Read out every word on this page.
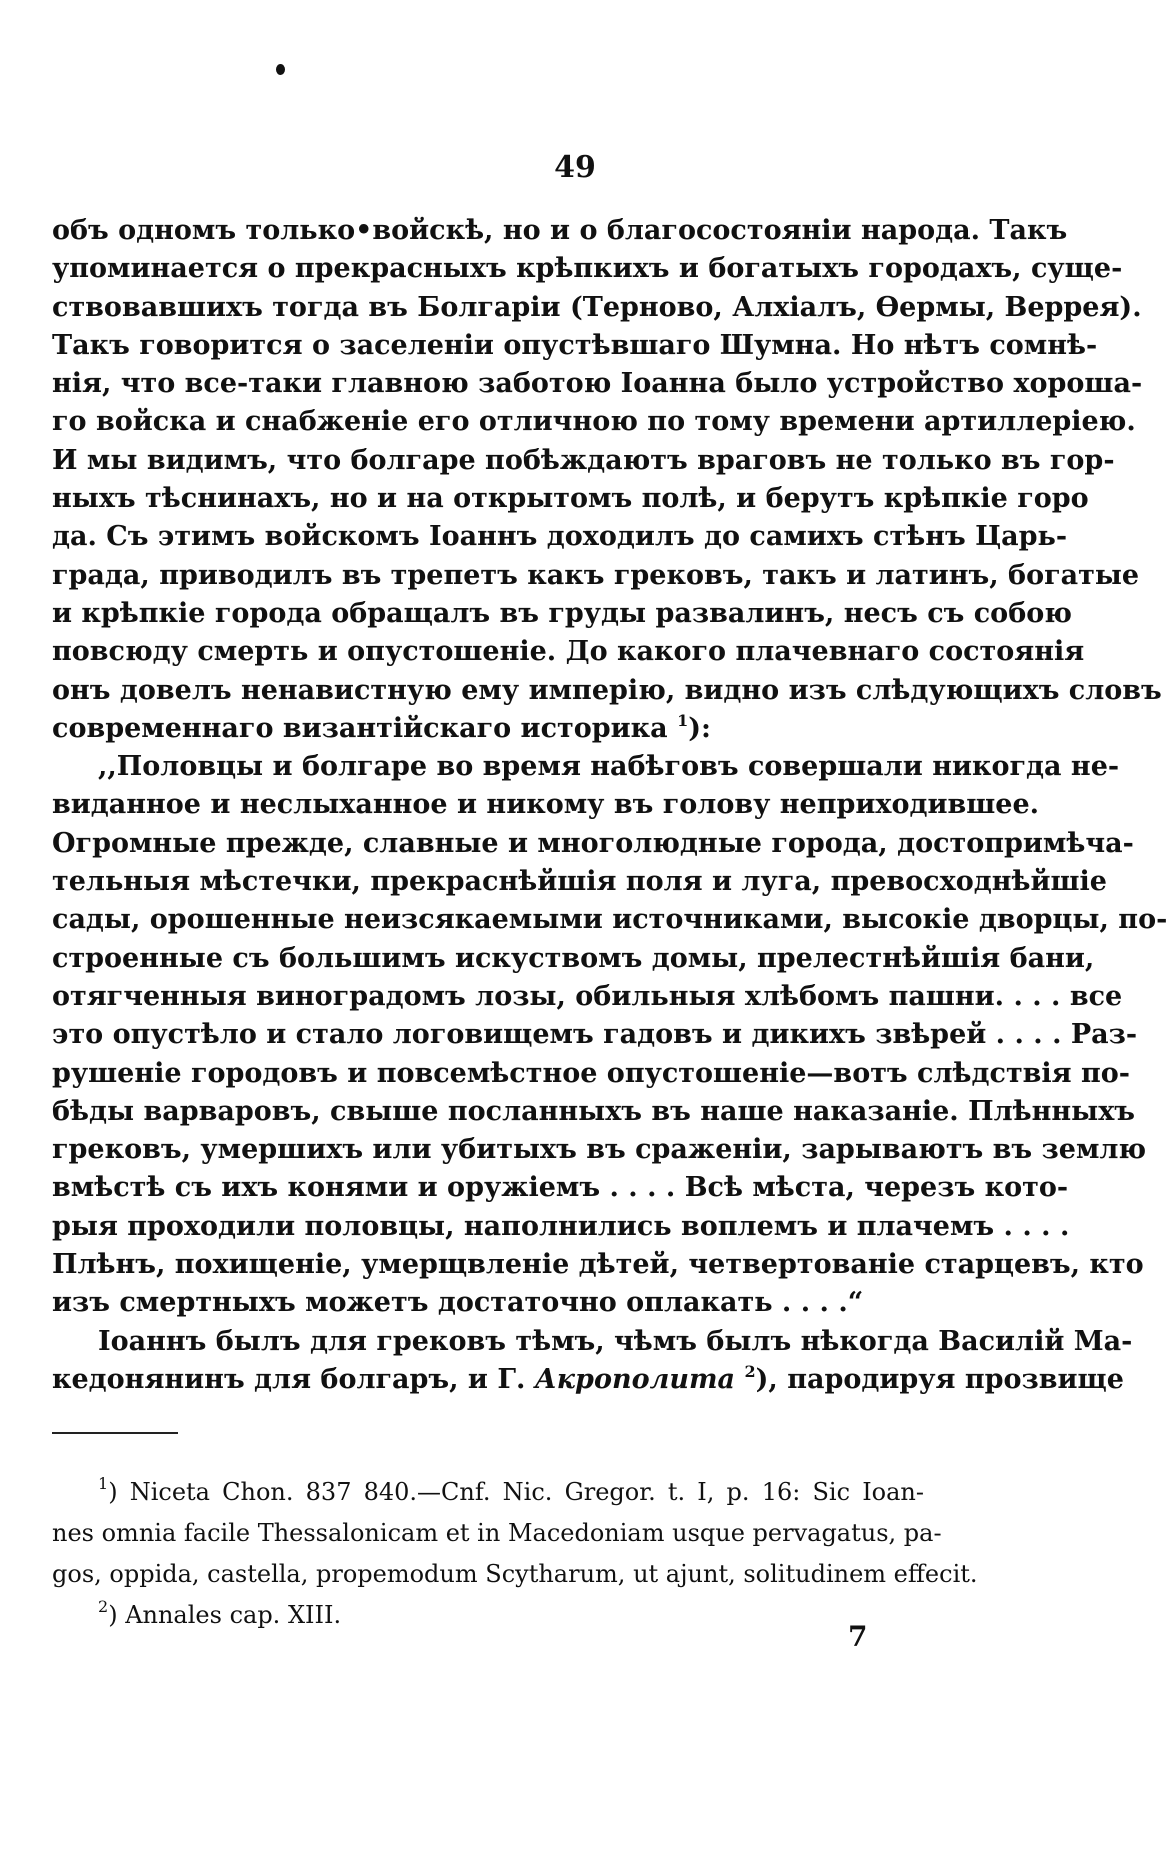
49
объ одномъ только•войскѣ, но и о благосостояніи народа. Такъ
упоминается о прекрасныхъ крѣпкихъ и богатыхъ городахъ, суще-
ствовавшихъ тогда въ Болгаріи (Терново, Алхіалъ, Ѳермы, Веррея).
Такъ говорится о заселеніи опустѣвшаго Шумна. Но нѣтъ сомнѣ-
нія, что все-таки главною заботою Іоанна было устройство хороша-
го войска и снабженіе его отличною по тому времени артиллеріею.
И мы видимъ, что болгаре побѣждаютъ враговъ не только въ гор-
ныхъ тѣснинахъ, но и на открытомъ полѣ, и берутъ крѣпкіе горо
да. Съ этимъ войскомъ Іоаннъ доходилъ до самихъ стѣнъ Царь-
града, приводилъ въ трепетъ какъ грековъ, такъ и латинъ, богатые
и крѣпкіе города обращалъ въ груды развалинъ, несъ съ собою
повсюду смерть и опустошеніе. До какого плачевнаго состоянія
онъ довелъ ненавистную ему имперію, видно изъ слѣдующихъ словъ
современнаго византійскаго историка $^1$):
,,Половцы и болгаре во время набѣговъ совершали никогда не-
виданное и неслыханное и никому въ голову неприходившее.
Огромные прежде, славные и многолюдные города, достопримѣча-
тельныя мѣстечки, прекраснѣйшія поля и луга, превосходнѣйшіе
сады, орошенные неизсякаемыми источниками, высокіе дворцы, по-
строенные съ большимъ искуствомъ домы, прелестнѣйшія бани,
отягченныя виноградомъ лозы, обильныя хлѣбомъ пашни. . . . все
это опустѣло и стало логовищемъ гадовъ и дикихъ звѣрей . . . . Раз-
рушеніе городовъ и повсемѣстное опустошеніе—вотъ слѣдствія по-
бѣды варваровъ, свыше посланныхъ въ наше наказаніе. Плѣнныхъ
грековъ, умершихъ или убитыхъ въ сраженіи, зарываютъ въ землю
вмѣстѣ съ ихъ конями и оружіемъ . . . . Всѣ мѣста, черезъ кото-
рыя проходили половцы, наполнились воплемъ и плачемъ . . . .
Плѣнъ, похищеніе, умерщвленіе дѣтей, четвертованіе старцевъ, кто
изъ смертныхъ можетъ достаточно оплакать . . . .“
Іоаннъ былъ для грековъ тѣмъ, чѣмъ былъ нѣкогда Василій Ма-
кедонянинъ для болгаръ, и Г. Акрополита $^2$), пародируя прозвище
$^1$) Niceta Chon. 837 840.—Cnf. Nic. Gregor. t. I, p. 16: Sic Ioan-
nes omnia facile Thessalonicam et in Macedoniam usque pervagatus, pa-
gos, oppida, castella, propemodum Scytharum, ut ajunt, solitudinem effecit.
$^2$) Annales cap. XIII.
7
